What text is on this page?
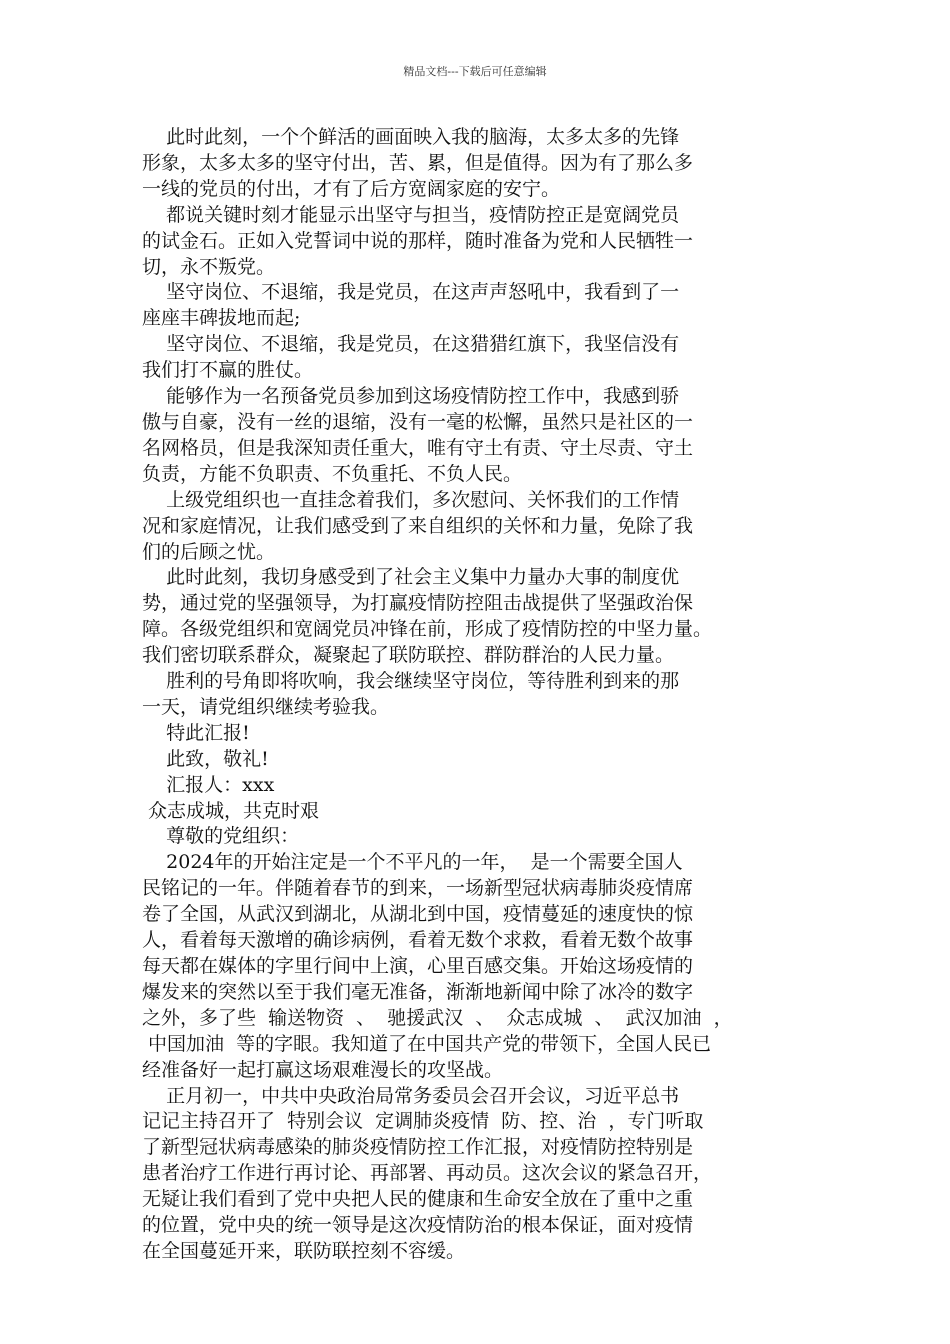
精品文档---下载后可任意编辑
此时此刻，一个个鲜活的画面映入我的脑海，太多太多的先锋
形象，太多太多的坚守付出，苦、累，但是值得。因为有了那么多
一线的党员的付出，才有了后方宽阔家庭的安宁。
都说关键时刻才能显示出坚守与担当，疫情防控正是宽阔党员
的试金石。正如入党誓词中说的那样，随时准备为党和人民牺牲一
切，永不叛党。
坚守岗位、不退缩，我是党员，在这声声怒吼中，我看到了一
座座丰碑拔地而起;
坚守岗位、不退缩，我是党员，在这猎猎红旗下，我坚信没有
我们打不赢的胜仗。
能够作为一名预备党员参加到这场疫情防控工作中，我感到骄
傲与自豪，没有一丝的退缩，没有一毫的松懈，虽然只是社区的一
名网格员，但是我深知责任重大，唯有守土有责、守土尽责、守土
负责，方能不负职责、不负重托、不负人民。
上级党组织也一直挂念着我们，多次慰问、关怀我们的工作情
况和家庭情况，让我们感受到了来自组织的关怀和力量，免除了我
们的后顾之忧。
此时此刻，我切身感受到了社会主义集中力量办大事的制度优
势，通过党的坚强领导，为打赢疫情防控阻击战提供了坚强政治保
障。各级党组织和宽阔党员冲锋在前，形成了疫情防控的中坚力量。
我们密切联系群众，凝聚起了联防联控、群防群治的人民力量。
胜利的号角即将吹响，我会继续坚守岗位，等待胜利到来的那
一天，请党组织继续考验我。
特此汇报!
此致，敬礼!
汇报人：xxx
众志成城，共克时艰
尊敬的党组织：
2024年的开始注定是一个不平凡的一年，  是一个需要全国人
民铭记的一年。伴随着春节的到来，一场新型冠状病毒肺炎疫情席
卷了全国，从武汉到湖北，从湖北到中国，疫情蔓延的速度快的惊
人，看着每天激增的确诊病例，看着无数个求救，看着无数个故事
每天都在媒体的字里行间中上演，心里百感交集。开始这场疫情的
爆发来的突然以至于我们毫无准备，渐渐地新闻中除了冰冷的数字
之外，多了些  输送物资  、  驰援武汉  、  众志成城  、  武汉加油  ，
中国加油  等的字眼。我知道了在中国共产党的带领下，全国人民已
经准备好一起打赢这场艰难漫长的攻坚战。
正月初一，中共中央政治局常务委员会召开会议，习近平总书
记记主持召开了  特别会议  定调肺炎疫情  防、控、治  ，专门听取
了新型冠状病毒感染的肺炎疫情防控工作汇报，对疫情防控特别是
患者治疗工作进行再讨论、再部署、再动员。这次会议的紧急召开，
无疑让我们看到了党中央把人民的健康和生命安全放在了重中之重
的位置，党中央的统一领导是这次疫情防治的根本保证，面对疫情
在全国蔓延开来，联防联控刻不容缓。
